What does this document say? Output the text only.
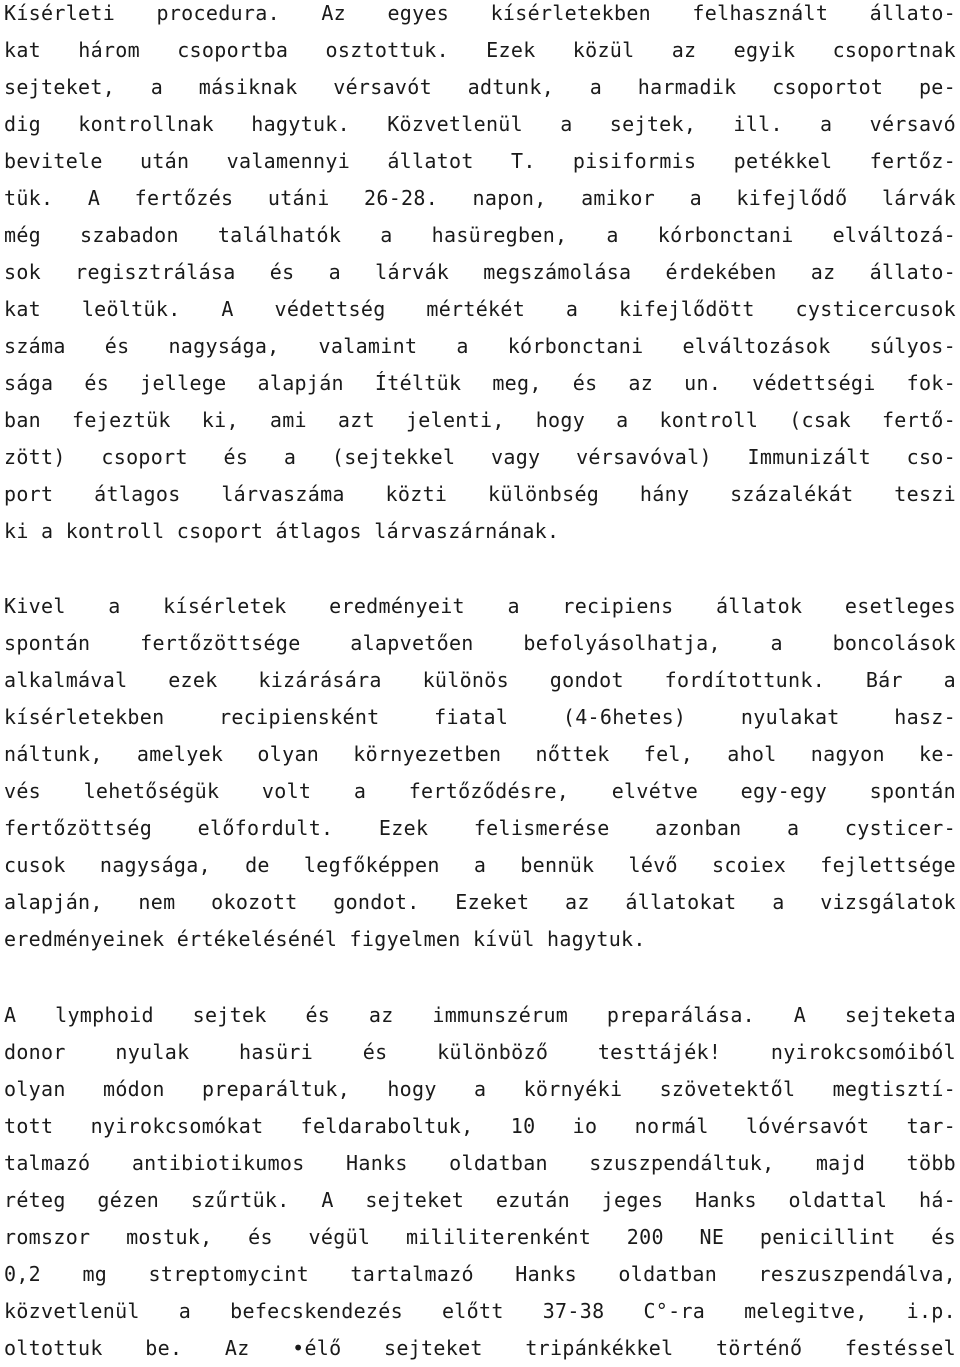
Kísérleti procedura. Az egyes kísérletekben felhasznált állato-
kat három csoportba osztottuk. Ezek közül az egyik csoportnak
sejteket, a másiknak vérsavót adtunk, a harmadik csoportot pe-
dig kontrollnak hagytuk. Közvetlenül a sejtek, ill. a vérsavó
bevitele után valamennyi állatot T. pisiformis petékkel fertőz-
tük. A fertőzés utáni 26-28. napon, amikor a kifejlődő lárvák
még szabadon találhatók a hasüregben, a kórbonctani elváltozá-
sok regisztrálása és a lárvák megszámolása érdekében az állato-
kat leöltük. A védettség mértékét a kifejlődött cysticercusok
száma és nagysága, valamint a kórbonctani elváltozások súlyos-
sága és jellege alapján Ítéltük meg, és az un. védettségi fok-
ban fejeztük ki, ami azt jelenti, hogy a kontroll (csak fertő-
zött) csoport és a (sejtekkel vagy vérsavóval) Immunizált cso-
port átlagos lárvaszáma közti különbség hány százalékát teszi
ki a kontroll csoport átlagos lárvaszárnának.
Kivel a kísérletek eredményeit a recipiens állatok esetleges
spontán fertőzöttsége alapvetően befolyásolhatja, a boncolások
alkalmával ezek kizárására különös gondot fordítottunk. Bár a
kísérletekben recipiensként fiatal (4-6hetes) nyulakat hasz-
náltunk, amelyek olyan környezetben nőttek fel, ahol nagyon ke-
vés lehetőségük volt a fertőződésre, elvétve egy-egy spontán
fertőzöttség előfordult. Ezek felismerése azonban a cysticer-
cusok nagysága, de legfőképpen a bennük lévő scoiex fejlettsége
alapján, nem okozott gondot. Ezeket az állatokat a vizsgálatok
eredményeinek értékelésénél figyelmen kívül hagytuk.
A lymphoid sejtek és az immunszérum preparálása. A sejteketa
donor nyulak hasüri és különböző testtájék! nyirokcsomóiból
olyan módon preparáltuk, hogy a környéki szövetektől megtisztí-
tott nyirokcsomókat feldaraboltuk, 10 io normál lóvérsavót tar-
talmazó antibiotikumos Hanks oldatban szuszpendáltuk, majd több
réteg gézen szűrtük. A sejteket ezután jeges Hanks oldattal há-
romszor mostuk, és végül mililiterenként 200 NE penicillint és
0,2 mg streptomycint tartalmazó Hanks oldatban reszuszpendálva,
közvetlenül a befecskendezés előtt 37-38 C°-ra melegitve, i.p.
oltottuk be. Az •élő sejteket tripánkékkel történő festéssel
